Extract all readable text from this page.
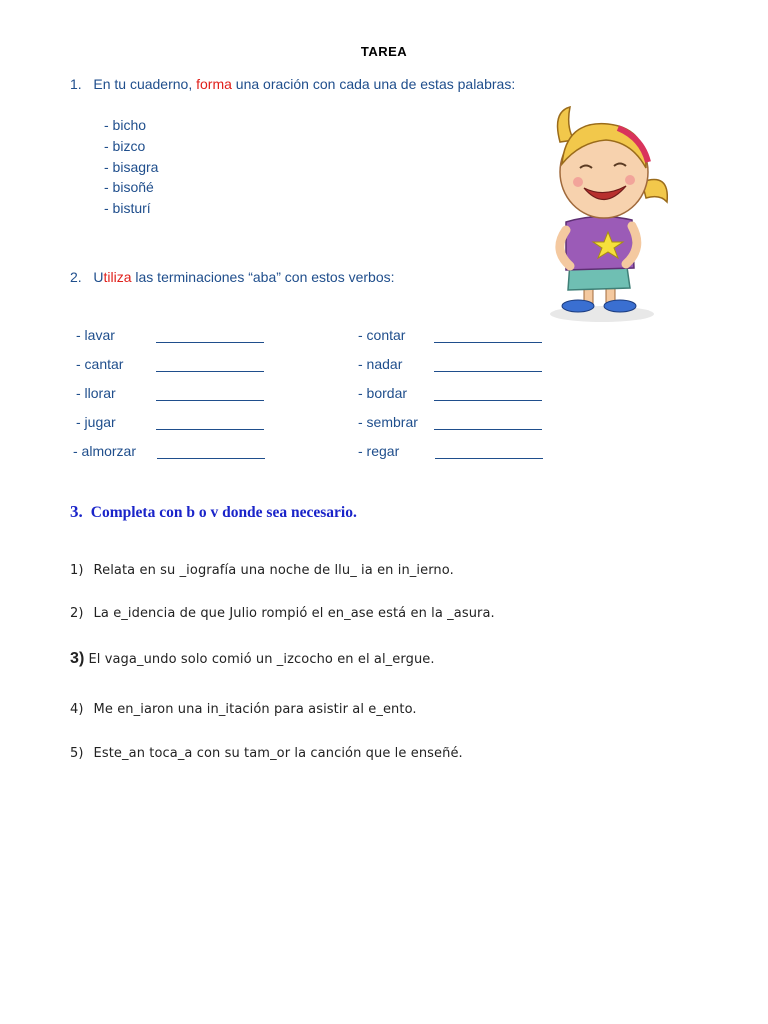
TAREA
1. En tu cuaderno, forma una oración con cada una de estas palabras:
- bicho
- bizco
- bisagra
- bisoñé
- bisturí
2. Utiliza las terminaciones “aba” con estos verbos:
- lavar
- cantar
- llorar
- jugar
- almorzar
- contar
- nadar
- bordar
- sembrar
- regar
3. Completa con b o v donde sea necesario.
1) Relata en su _iografía una noche de llu_ ia en in_ierno.
2) La e_idencia de que Julio rompió el en_ase está en la _asura.
3) El vaga_undo solo comió un _izcocho en el al_ergue.
4) Me en_iaron una in_itación para asistir al e_ento.
5) Este_an toca_a con su tam_or la canción que le enseñé.
